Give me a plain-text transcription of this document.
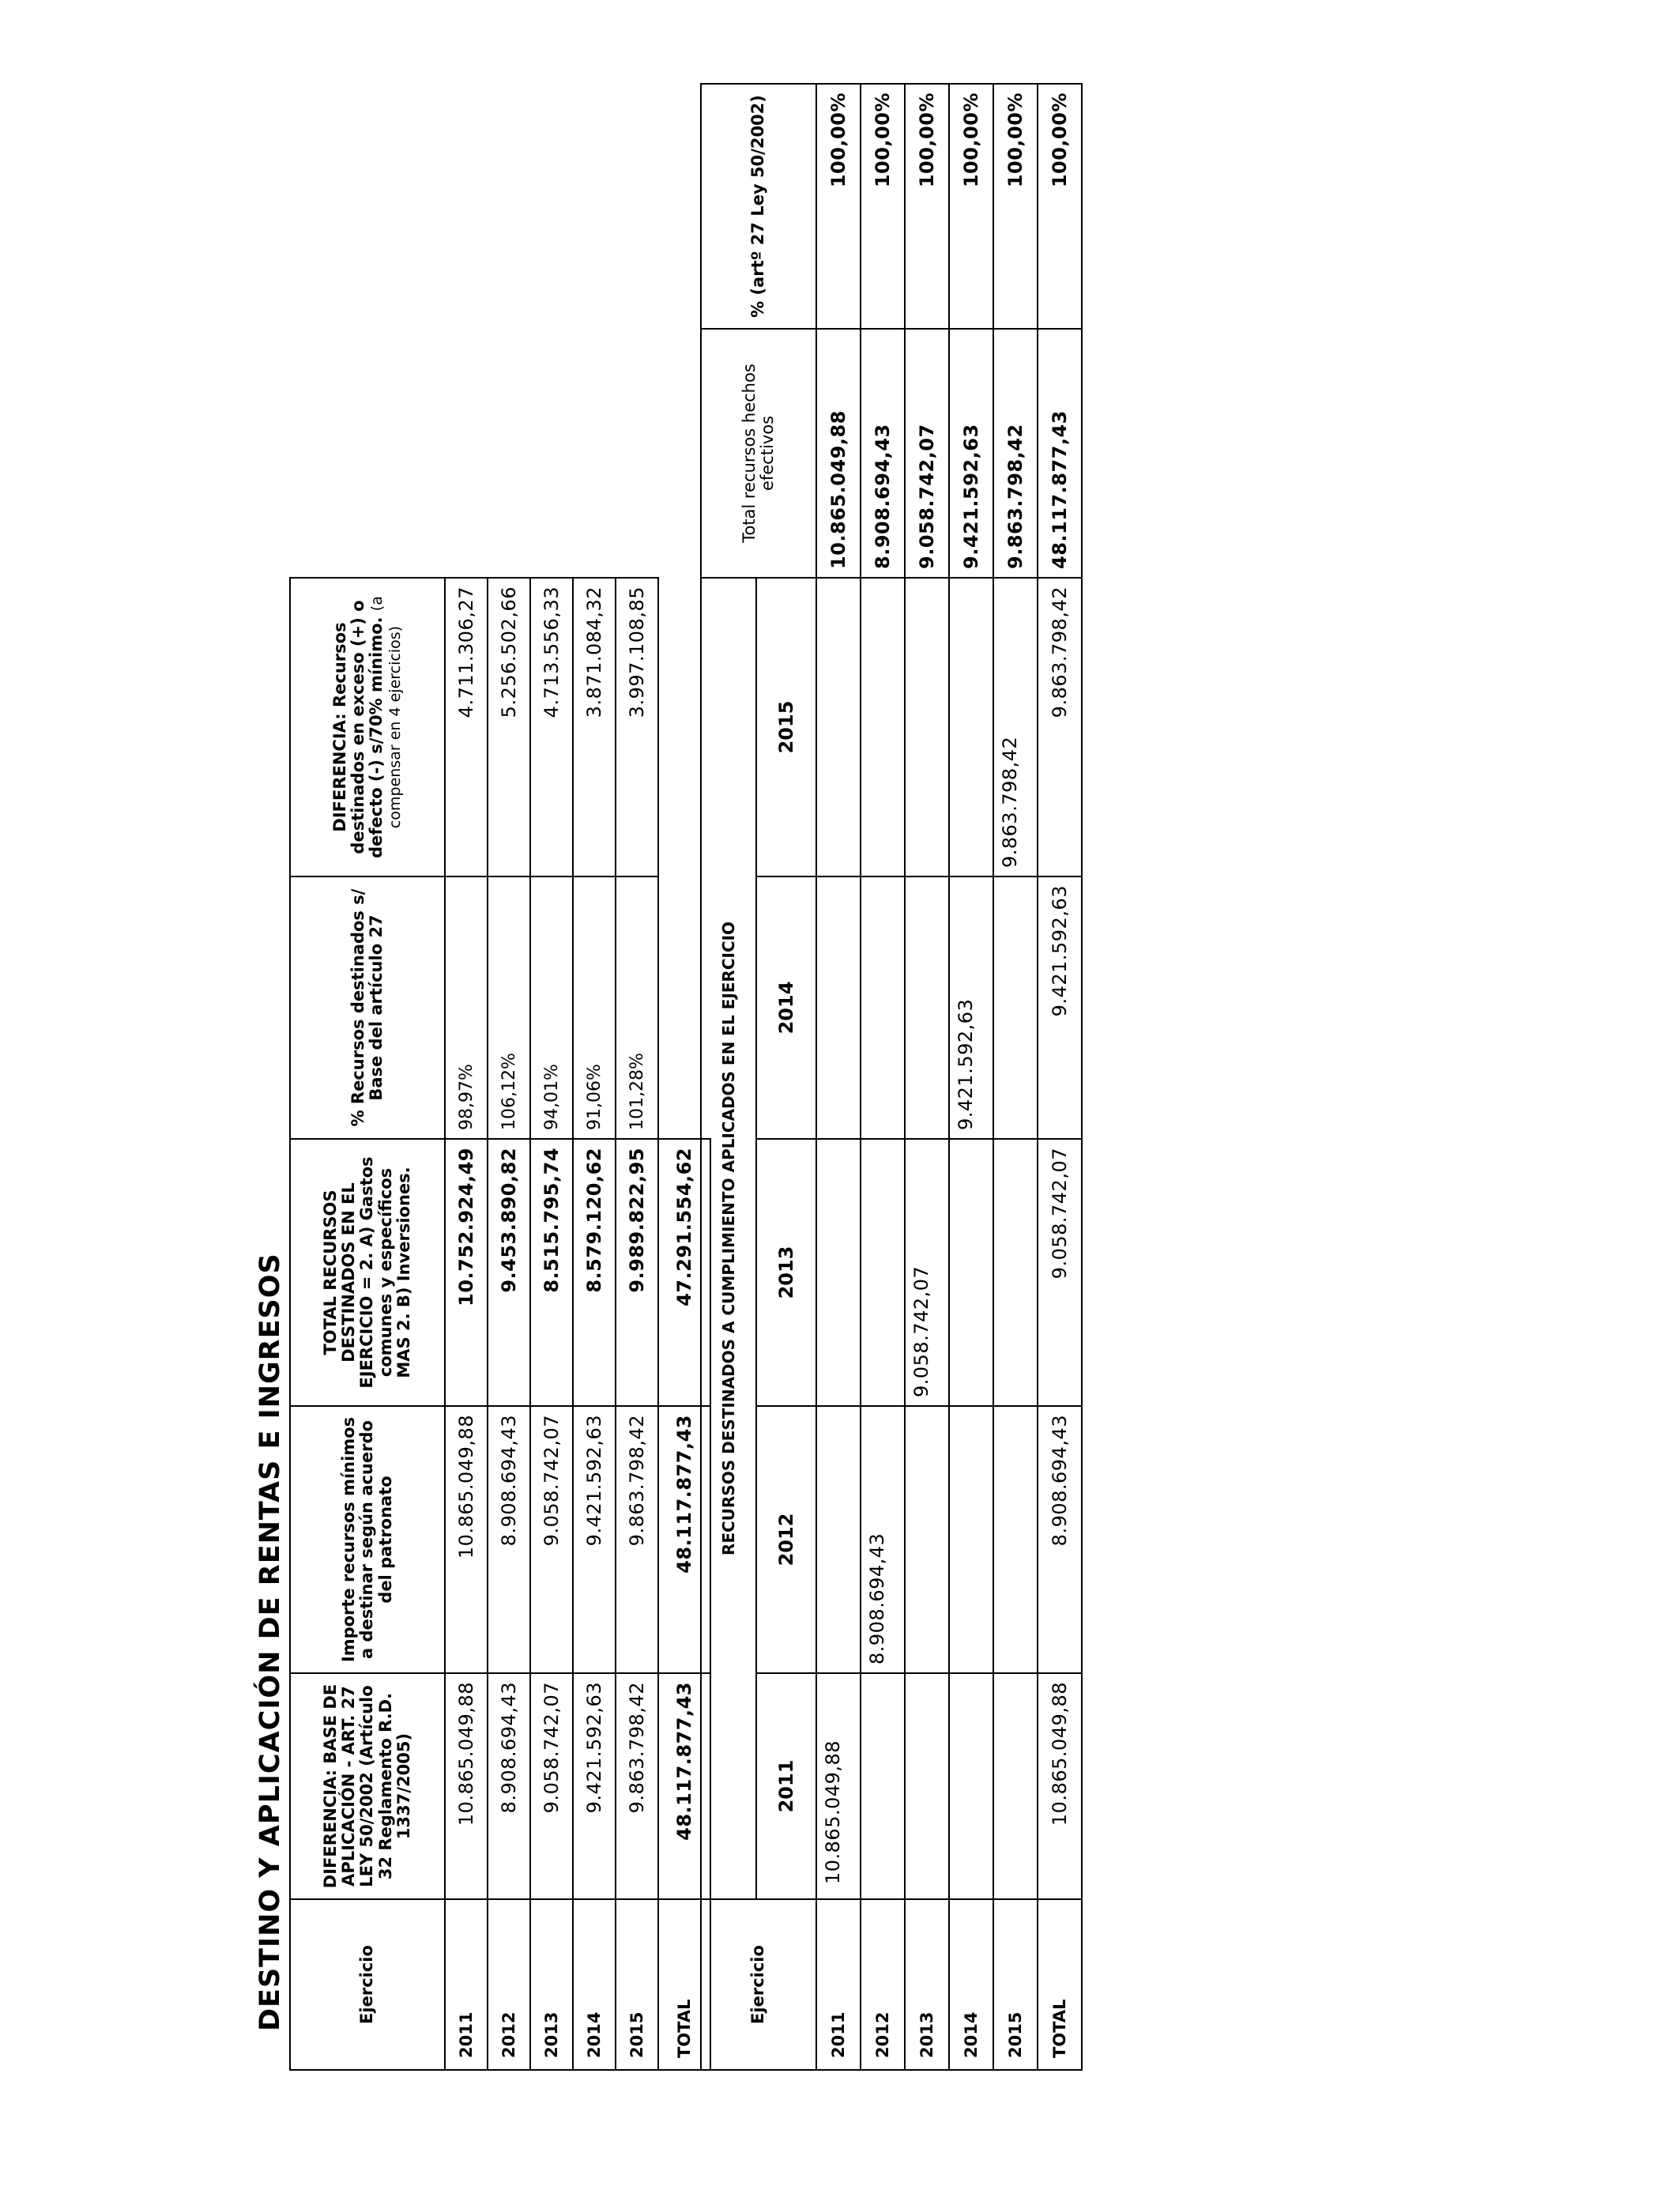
DESTINO Y APLICACIÓN DE RENTAS E INGRESOS	Ejercicio	DIFERENCIA: BASE DE APLICACIÓN - ART. 27 LEY 50/2002 (Artículo 32 Reglamento R.D. 1337/2005)	Importe recursos mínimos a destinar según acuerdo del patronato	TOTAL RECURSOS DESTINADOS EN EL EJERCICIO = 2. A) Gastos comunes y específicos MAS 2. B) Inversiones.	% Recursos destinados s/ Base del artículo 27	DIFERENCIA: Recursos destinados en exceso (+) o defecto (-) s/70% mínimo. (a compensar en 4 ejercicios)
2011	10.865.049,88	10.865.049,88	10.752.924,49	98,97%	4.711.306,27
2012	8.908.694,43	8.908.694,43	9.453.890,82	106,12%	5.256.502,66
2013	9.058.742,07	9.058.742,07	8.515.795,74	94,01%	4.713.556,33
2014	9.421.592,63	9.421.592,63	8.579.120,62	91,06%	3.871.084,32
2015	9.863.798,42	9.863.798,42	9.989.822,95	101,28%	3.997.108,85
TOTAL	48.117.877,43	48.117.877,43	47.291.554,62		
Ejercicio	RECURSOS DESTINADOS A CUMPLIMIENTO APLICADOS EN EL EJERCICIO					Total recursos hechos efectivos	% (artº 27 Ley 50/2002)
	2011	2012	2013	2014	2015		
2011	10.865.049,88					10.865.049,88	100,00%
2012		8.908.694,43				8.908.694,43	100,00%
2013			9.058.742,07			9.058.742,07	100,00%
2014				9.421.592,63		9.421.592,63	100,00%
2015					9.863.798,42	9.863.798,42	100,00%
TOTAL	10.865.049,88	8.908.694,43	9.058.742,07	9.421.592,63	9.863.798,42	48.117.877,43	100,00%
